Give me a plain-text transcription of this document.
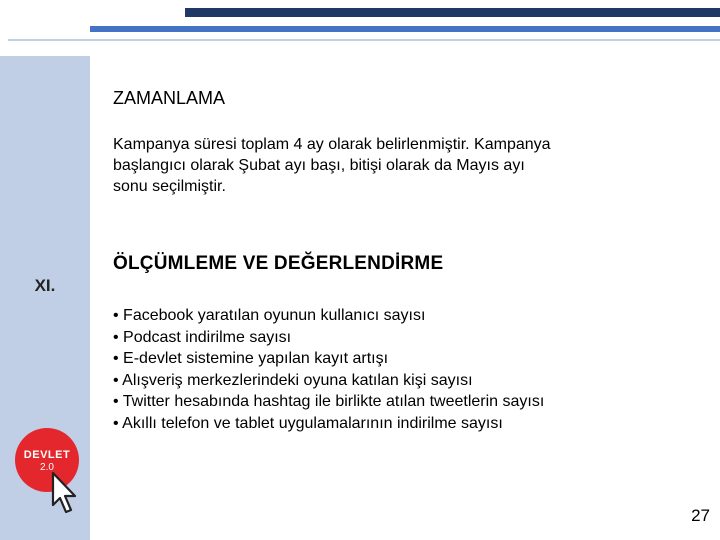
XI.
ZAMANLAMA
Kampanya süresi toplam 4 ay olarak belirlenmiştir. Kampanya
başlangıcı olarak Şubat ayı başı, bitişi olarak da Mayıs ayı
sonu seçilmiştir.
ÖLÇÜMLEME VE DEĞERLENDİRME
• Facebook yaratılan oyunun kullanıcı sayısı
• Podcast indirilme sayısı
• E-devlet sistemine yapılan kayıt artışı
• Alışveriş merkezlerindeki oyuna katılan kişi sayısı
• Twitter hesabında hashtag ile birlikte atılan tweetlerin sayısı
• Akıllı telefon ve tablet uygulamalarının indirilme sayısı
DEVLET
2.0
27
